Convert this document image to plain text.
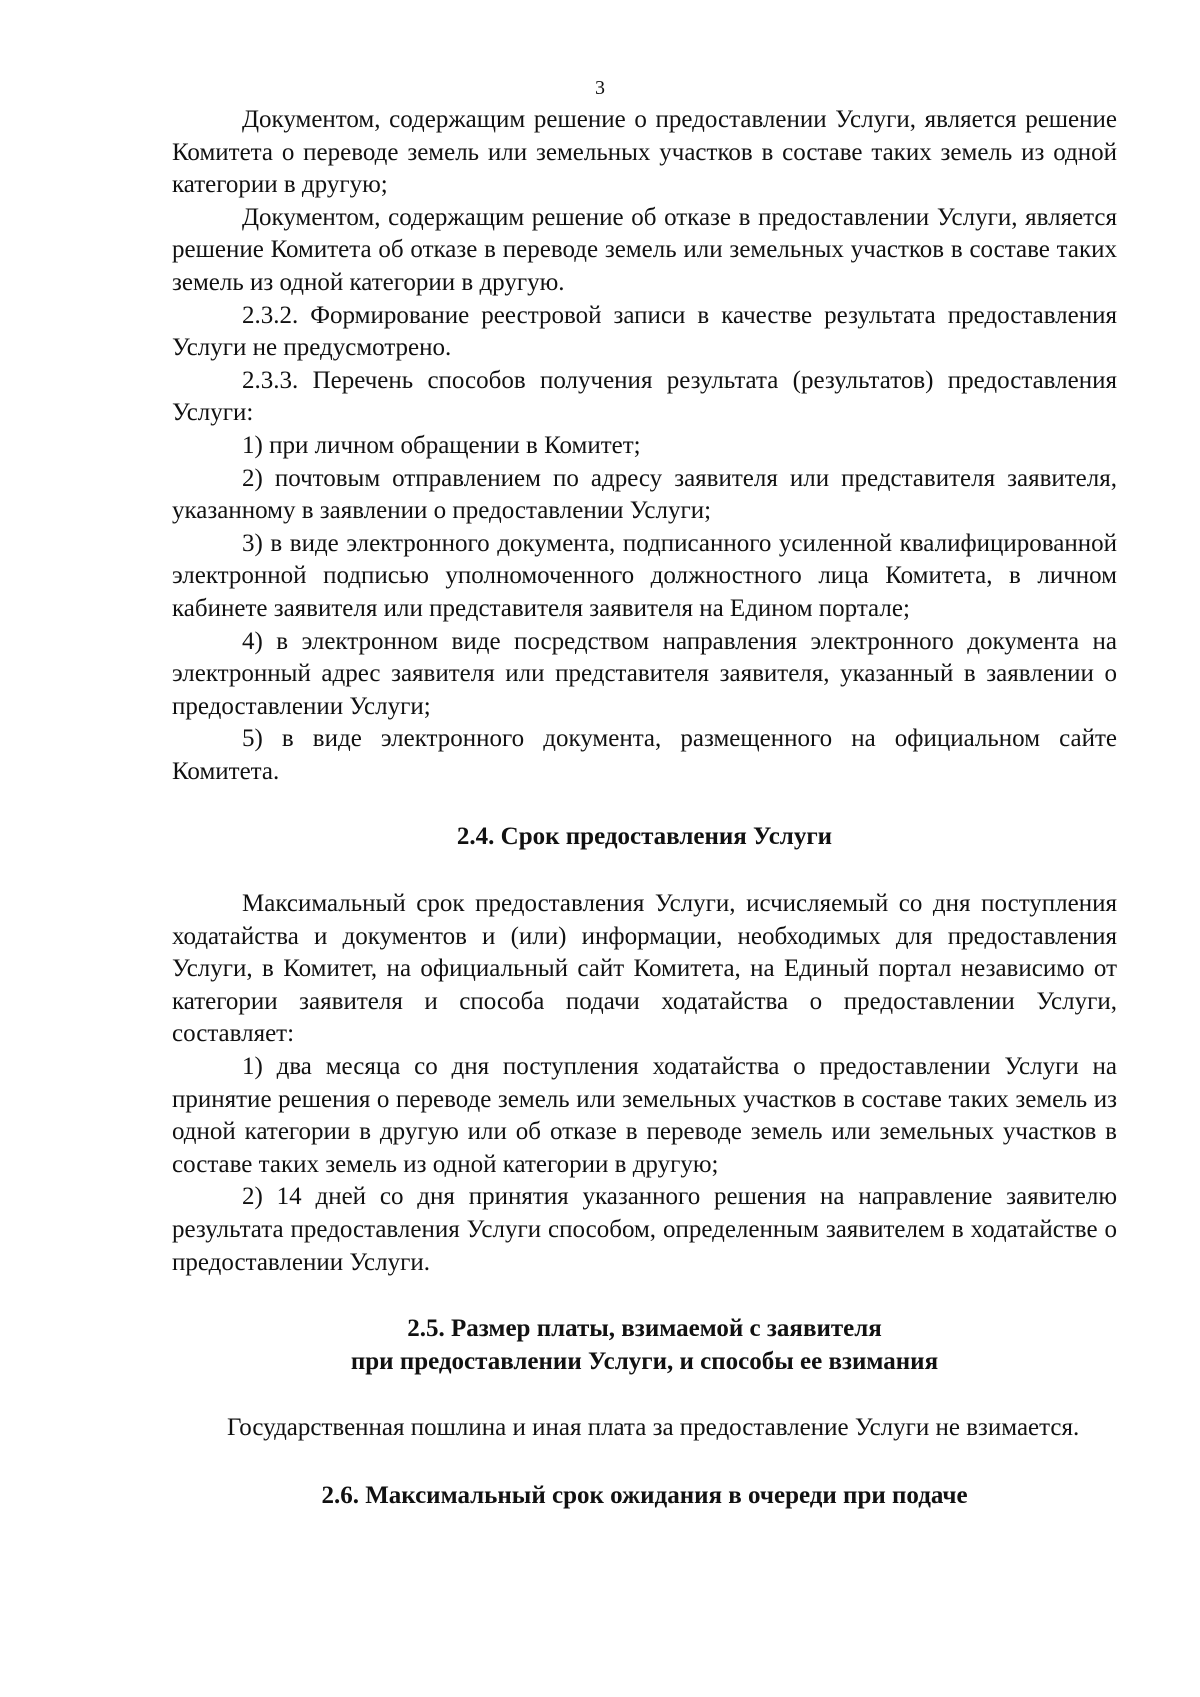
3

Документом, содержащим решение о предоставлении Услуги, является решение Комитета о переводе земель или земельных участков в составе таких земель из одной категории в другую;

Документом, содержащим решение об отказе в предоставлении Услуги, является решение Комитета об отказе в переводе земель или земельных участков в составе таких земель из одной категории в другую.

2.3.2. Формирование реестровой записи в качестве результата предоставления Услуги не предусмотрено.

2.3.3. Перечень способов получения результата (результатов) предоставления Услуги:

1) при личном обращении в Комитет;

2) почтовым отправлением по адресу заявителя или представителя заявителя, указанному в заявлении о предоставлении Услуги;

3) в виде электронного документа, подписанного усиленной квалифицированной электронной подписью уполномоченного должностного лица Комитета, в личном кабинете заявителя или представителя заявителя на Едином портале;

4) в электронном виде посредством направления электронного документа на электронный адрес заявителя или представителя заявителя, указанный в заявлении о предоставлении Услуги;

5) в виде электронного документа, размещенного на официальном сайте Комитета.

2.4. Срок предоставления Услуги

Максимальный срок предоставления Услуги, исчисляемый со дня поступления ходатайства и документов и (или) информации, необходимых для предоставления Услуги, в Комитет, на официальный сайт Комитета, на Единый портал независимо от категории заявителя и способа подачи ходатайства о предоставлении Услуги, составляет:

1) два месяца со дня поступления ходатайства о предоставлении Услуги на принятие решения о переводе земель или земельных участков в составе таких земель из одной категории в другую или об отказе в переводе земель или земельных участков в составе таких земель из одной категории в другую;

2) 14 дней со дня принятия указанного решения на направление заявителю результата предоставления Услуги способом, определенным заявителем в ходатайстве о предоставлении Услуги.

2.5. Размер платы, взимаемой с заявителя
при предоставлении Услуги, и способы ее взимания

Государственная пошлина и иная плата за предоставление Услуги не взимается.

2.6. Максимальный срок ожидания в очереди при подаче
